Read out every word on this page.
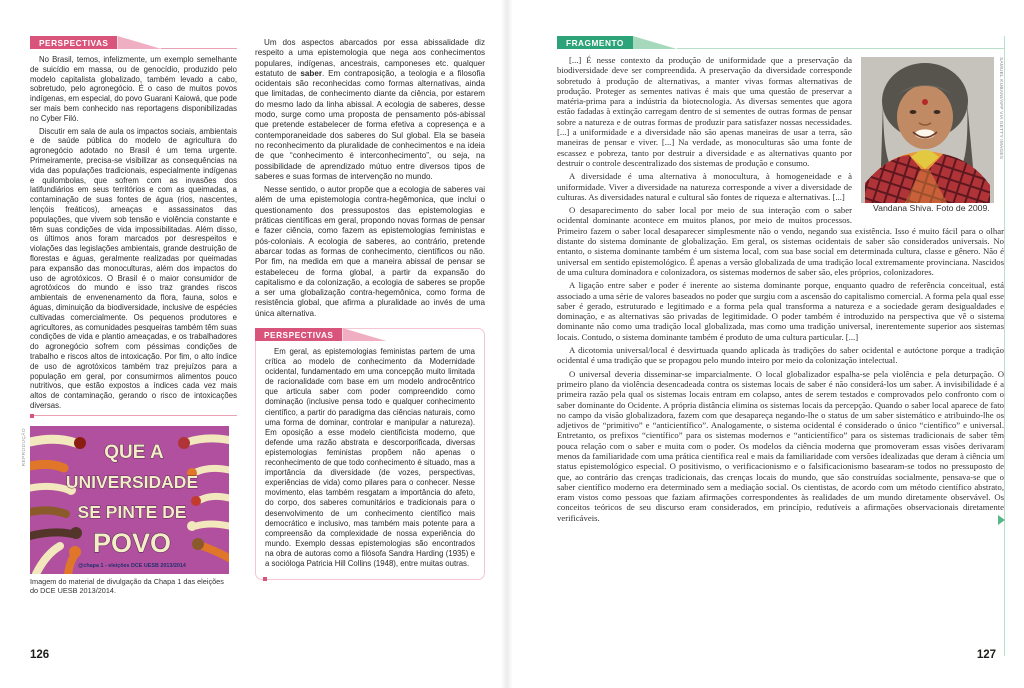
PERSPECTIVAS

No Brasil, temos, infelizmente, um exemplo semelhante de suicídio em massa, ou de genocídio, produzido pelo modelo capitalista globalizado, também levado a cabo, sobretudo, pelo agronegócio. É o caso de muitos povos indígenas, em especial, do povo Guarani Kaiowá, que pode ser mais bem conhecido nas reportagens disponibilizadas no Cyber Filó.

Discutir em sala de aula os impactos sociais, ambientais e de saúde pública do modelo de agricultura do agronegócio adotado no Brasil é um tema urgente. Primeiramente, precisa-se visibilizar as consequências na vida das populações tradicionais, especialmente indígenas e quilombolas, que sofrem com as invasões dos latifundiários em seus territórios e com as queimadas, a contaminação de suas fontes de água (rios, nascentes, lençóis freáticos), ameaças e assassinatos das populações, que vivem sob tensão e violência constante e têm suas condições de vida impossibilitadas. Além disso, os últimos anos foram marcados por desrespeitos e violações das legislações ambientais, grande destruição de florestas e águas, geralmente realizadas por queimadas para expansão das monoculturas, além dos impactos do uso de agrotóxicos. O Brasil é o maior consumidor de agrotóxicos do mundo e isso traz grandes riscos ambientais de envenenamento da flora, fauna, solos e águas, diminuição da biodiversidade, inclusive de espécies cultivadas comercialmente. Os pequenos produtores e agricultores, as comunidades pesqueiras também têm suas condições de vida e plantio ameaçadas, e os trabalhadores do agronegócio sofrem com péssimas condições de trabalho e riscos altos de intoxicação. Por fim, o alto índice de uso de agrotóxicos também traz prejuízos para a população em geral, por consumirmos alimentos pouco nutritivos, que estão expostos a índices cada vez mais altos de contaminação, gerando o risco de intoxicações diversas.

REPRODUÇÃO	QUE A
UNIVERSIDADE
SE PINTE DE
POVO
@chapa 1 - eleições DCE UESB 2013/2014
Imagem do material de divulgação da Chapa 1 das eleições do DCE UESB 2013/2014.

Um dos aspectos abarcados por essa abissalidade diz respeito a uma epistemologia que nega aos conhecimentos populares, indígenas, ancestrais, camponeses etc. qualquer estatuto de saber. Em contraposição, a teologia e a filosofia ocidentais são reconhecidas como formas alternativas, ainda que limitadas, de conhecimento diante da ciência, por estarem do mesmo lado da linha abissal. A ecologia de saberes, desse modo, surge como uma proposta de pensamento pós-abissal que pretende estabelecer de forma efetiva a copresença e a contemporaneidade dos saberes do Sul global. Ela se baseia no reconhecimento da pluralidade de conhecimentos e na ideia de que “conhecimento é interconhecimento”, ou seja, na possibilidade de aprendizado mútuo entre diversos tipos de saberes e suas formas de intervenção no mundo.

Nesse sentido, o autor propõe que a ecologia de saberes vai além de uma epistemologia contra-hegêmonica, que inclui o questionamento dos pressupostos das epistemologias e práticas científicas em geral, propondo novas formas de pensar e fazer ciência, como fazem as epistemologias feministas e pós-coloniais. A ecologia de saberes, ao contrário, pretende abarcar todas as formas de conhecimento, científicos ou não. Por fim, na medida em que a maneira abissal de pensar se estabeleceu de forma global, a partir da expansão do capitalismo e da colonização, a ecologia de saberes se propõe a ser uma globalização contra-hegemônica, como forma de resistência global, que afirma a pluralidade ao invés de uma única alternativa.

PERSPECTIVAS

Em geral, as epistemologias feministas partem de uma crítica ao modelo de conhecimento da Modernidade ocidental, fundamentado em uma concepção muito limitada de racionalidade com base em um modelo androcêntrico que articula saber com poder compreendido como dominação (inclusive pensa todo e qualquer conhecimento científico, a partir do paradigma das ciências naturais, como uma forma de dominar, controlar e manipular a natureza). Em oposição a esse modelo cientificista moderno, que defende uma razão abstrata e descorporificada, diversas epistemologias feministas propõem não apenas o reconhecimento de que todo conhecimento é situado, mas a importância da diversidade (de vozes, perspectivas, experiências de vida) como pilares para o conhecer. Nesse movimento, elas também resgatam a importância do afeto, do corpo, dos saberes comunitários e tradicionais para o desenvolvimento de um conhecimento científico mais democrático e inclusivo, mas também mais potente para a compreensão da complexidade de nossa experiência do mundo. Exemplo dessas epistemologias são encontrados na obra de autoras como a filósofa Sandra Harding (1935) e a socióloga Patricia Hill Collins (1948), entre muitas outras.

126
FRAGMENTO
SAMUEL KUBANI/AFP VIA GETTY IMAGES

Vandana Shiva. Foto de 2009.

[...] É nesse contexto da produção de uniformidade que a preservação da biodiversidade deve ser compreendida. A preservação da diversidade corresponde sobretudo à produção de alternativas, a manter vivas formas alternativas de produção. Proteger as sementes nativas é mais que uma questão de preservar a matéria-prima para a indústria da biotecnologia. As diversas sementes que agora estão fadadas à extinção carregam dentro de si sementes de outras formas de pensar sobre a natureza e de outras formas de produzir para satisfazer nossas necessidades. [...] a uniformidade e a diversidade não são apenas maneiras de usar a terra, são maneiras de pensar e viver. [...] Na verdade, as monoculturas são uma fonte de escassez e pobreza, tanto por destruir a diversidade e as alternativas quanto por destruir o controle descentralizado dos sistemas de produção e consumo.

A diversidade é uma alternativa à monocultura, à homogeneidade e à uniformidade. Viver a diversidade na natureza corresponde a viver a diversidade de culturas. As diversidades natural e cultural são fontes de riqueza e alternativas. [...]

O desaparecimento do saber local por meio de sua interação com o saber ocidental dominante acontece em muitos planos, por meio de muitos processos. Primeiro fazem o saber local desaparecer simplesmente não o vendo, negando sua existência. Isso é muito fácil para o olhar distante do sistema dominante de globalização. Em geral, os sistemas ocidentais de saber são considerados universais. No entanto, o sistema dominante também é um sistema local, com sua base social em determinada cultura, classe e gênero. Não é universal em sentido epistemológico. É apenas a versão globalizada de uma tradição local extremamente provinciana. Nascidos de uma cultura dominadora e colonizadora, os sistemas modernos de saber são, eles próprios, colonizadores.

A ligação entre saber e poder é inerente ao sistema dominante porque, enquanto quadro de referência conceitual, está associado a uma série de valores baseados no poder que surgiu com a ascensão do capitalismo comercial. A forma pela qual esse saber é gerado, estruturado e legitimado e a forma pela qual transforma a natureza e a sociedade geram desigualdades e dominação, e as alternativas são privadas de legitimidade. O poder também é introduzido na perspectiva que vê o sistema dominante não como uma tradição local globalizada, mas como uma tradição universal, inerentemente superior aos sistemas locais. Contudo, o sistema dominante também é produto de uma cultura particular. [...]

A dicotomia universal/local é desvirtuada quando aplicada às tradições do saber ocidental e autóctone porque a tradição ocidental é uma tradição que se propagou pelo mundo inteiro por meio da colonização intelectual.

O universal deveria disseminar-se imparcialmente. O local globalizador espalha-se pela violência e pela deturpação. O primeiro plano da violência desencadeada contra os sistemas locais de saber é não considerá-los um saber. A invisibilidade é a primeira razão pela qual os sistemas locais entram em colapso, antes de serem testados e comprovados pelo confronto com o saber dominante do Ocidente. A própria distância elimina os sistemas locais da percepção. Quando o saber local aparece de fato no campo da visão globalizadora, fazem com que desapareça negando-lhe o status de um saber sistemático e atribuindo-lhe os adjetivos de “primitivo” e “anticientífico”. Analogamente, o sistema ocidental é considerado o único “científico” e universal. Entretanto, os prefixos “científico” para os sistemas modernos e “anticientífico” para os sistemas tradicionais de saber têm pouca relação com o saber e muita com o poder. Os modelos da ciência moderna que promoveram essas visões derivaram menos da familiaridade com uma prática científica real e mais da familiaridade com versões idealizadas que deram à ciência um status epistemológico especial. O positivismo, o verificacionismo e o falsificacionismo basearam-se todos no pressuposto de que, ao contrário das crenças tradicionais, das crenças locais do mundo, que são construídas socialmente, pensava-se que o saber científico moderno era determinado sem a mediação social. Os cientistas, de acordo com um método científico abstrato, eram vistos como pessoas que faziam afirmações correspondentes às realidades de um mundo diretamente observável. Os conceitos teóricos de seu discurso eram considerados, em princípio, redutíveis a afirmações observacionais diretamente verificáveis.

127
